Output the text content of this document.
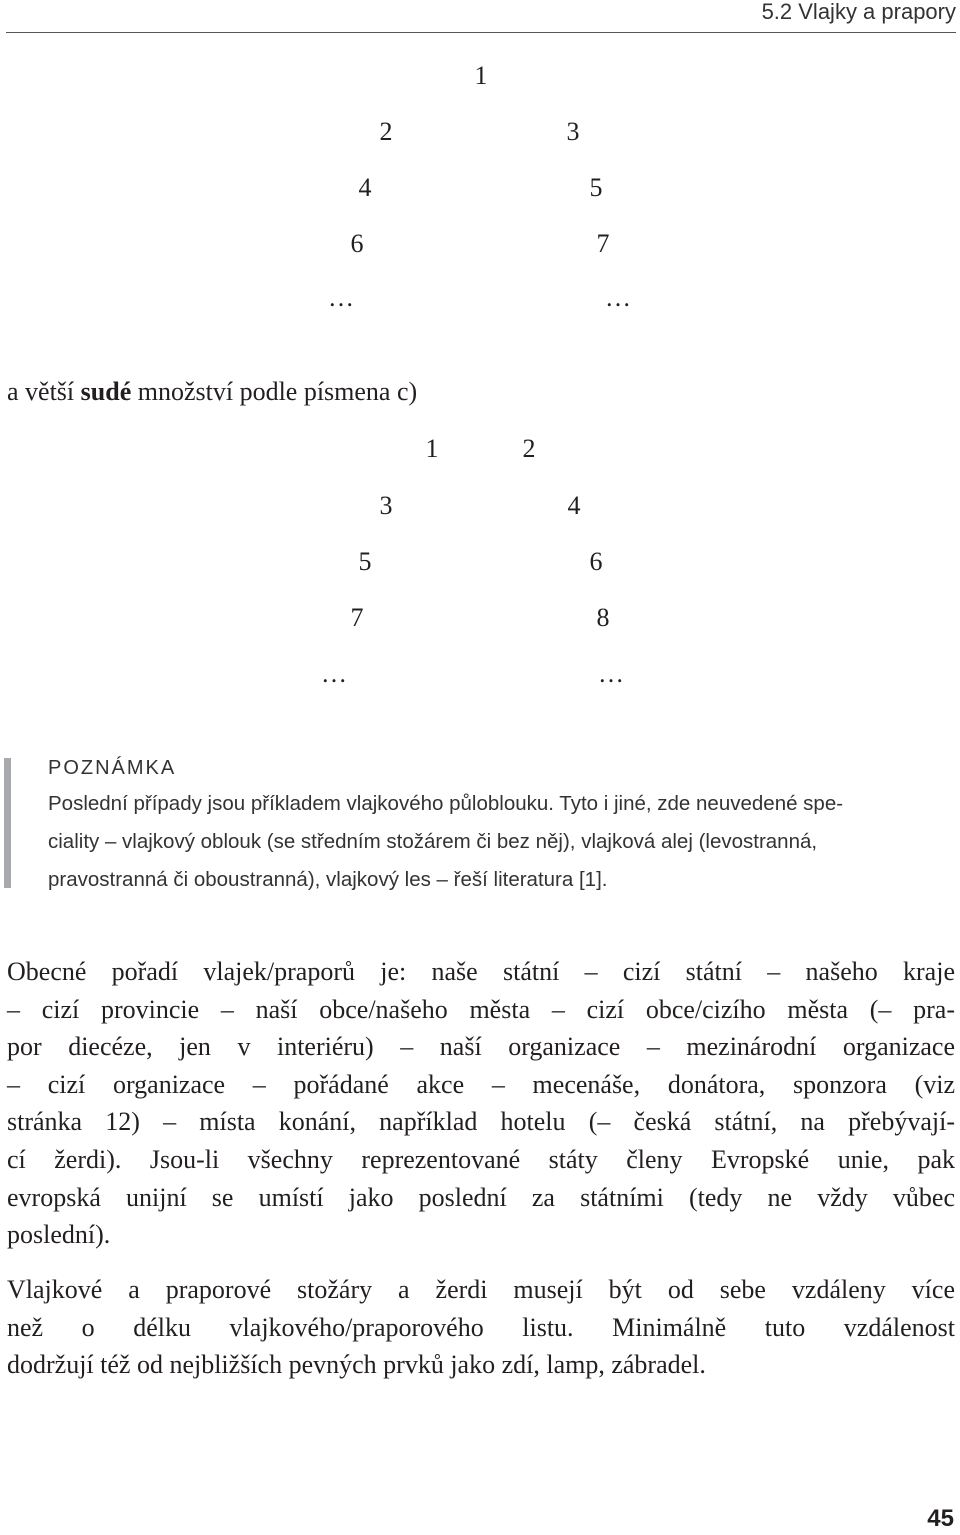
5.2 Vlajky a prapory
1
2	3
4	5
6	7
…	…
a větší sudé množství podle písmena c)
1	2
3	4
5	6
7	8
…	…
POZNÁMKA
Poslední případy jsou příkladem vlajkového půloblouku. Tyto i jiné, zde neuvedené spe-
ciality – vlajkový oblouk (se středním stožárem či bez něj), vlajková alej (levostranná,
pravostranná či oboustranná), vlajkový les – řeší literatura [1].
Obecné pořadí vlajek/praporů je: naše státní – cizí státní – našeho kraje
– cizí provincie – naší obce/našeho města – cizí obce/cizího města (– pra-
por diecéze, jen v interiéru) – naší organizace – mezinárodní organizace
– cizí organizace – pořádané akce – mecenáše, donátora, sponzora (viz
stránka 12) – místa konání, například hotelu (– česká státní, na přebývají-
cí žerdi). Jsou-li všechny reprezentované státy členy Evropské unie, pak
evropská unijní se umístí jako poslední za státními (tedy ne vždy vůbec
poslední).
Vlajkové a praporové stožáry a žerdi musejí být od sebe vzdáleny více
než o délku vlajkového/praporového listu. Minimálně tuto vzdálenost
dodržují též od nejbližších pevných prvků jako zdí, lamp, zábradel.
45
